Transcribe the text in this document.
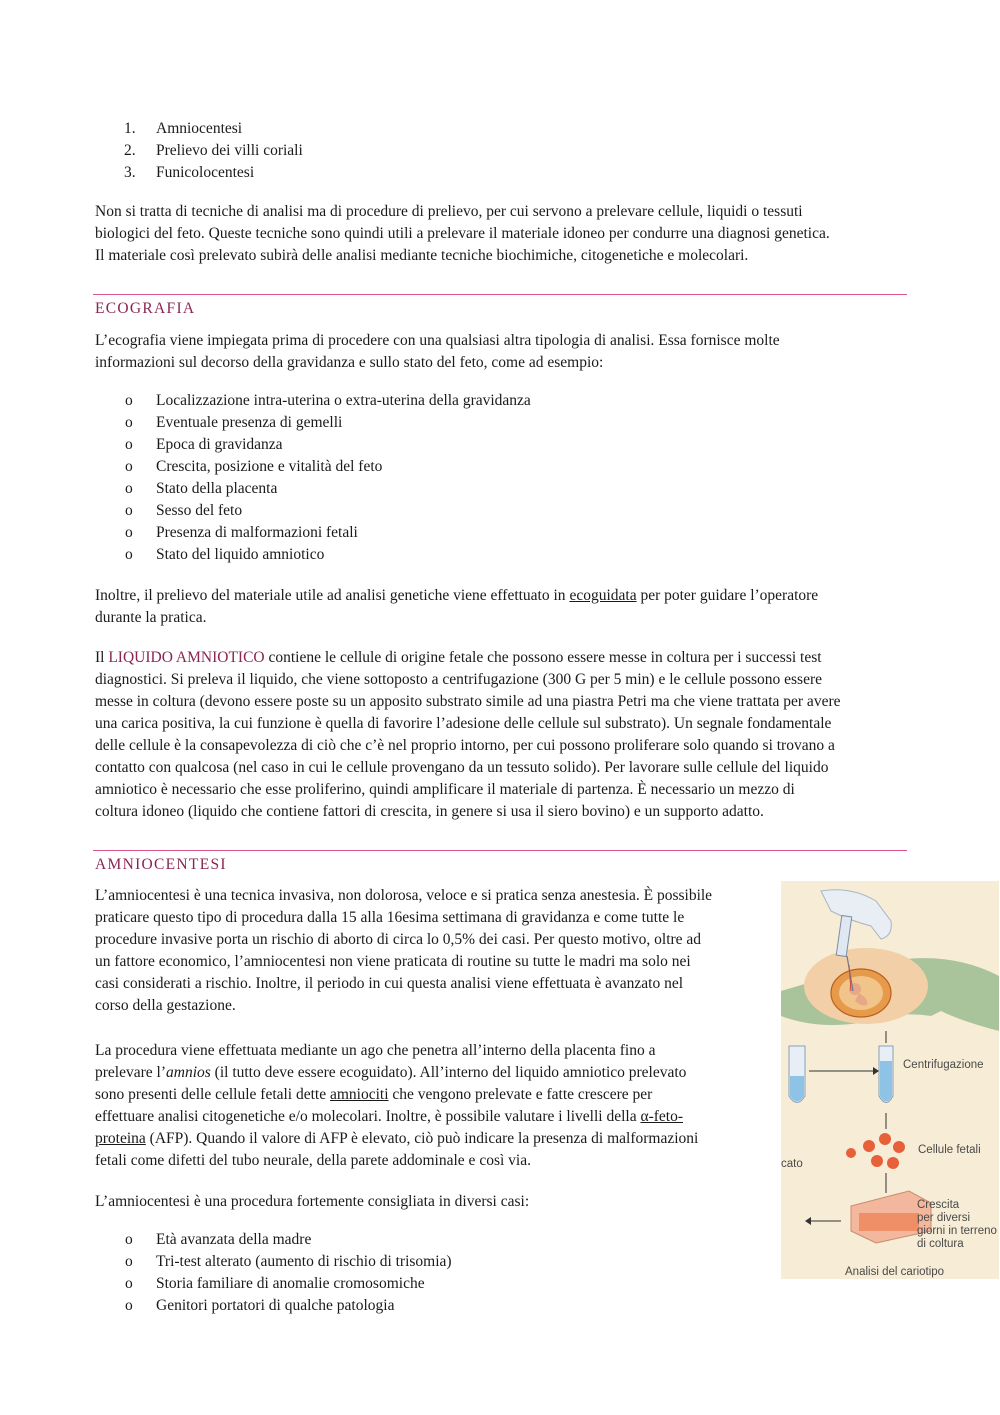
1. Amniocentesi
2. Prelievo dei villi coriali
3. Funicolocentesi

Non si tratta di tecniche di analisi ma di procedure di prelievo, per cui servono a prelevare cellule, liquidi o tessuti
biologici del feto. Queste tecniche sono quindi utili a prelevare il materiale idoneo per condurre una diagnosi genetica.
Il materiale così prelevato subirà delle analisi mediante tecniche biochimiche, citogenetiche e molecolari.

ECOGRAFIA

L’ecografia viene impiegata prima di procedere con una qualsiasi altra tipologia di analisi. Essa fornisce molte
informazioni sul decorso della gravidanza e sullo stato del feto, come ad esempio:

o Localizzazione intra-uterina o extra-uterina della gravidanza
o Eventuale presenza di gemelli
o Epoca di gravidanza
o Crescita, posizione e vitalità del feto
o Stato della placenta
o Sesso del feto
o Presenza di malformazioni fetali
o Stato del liquido amniotico

Inoltre, il prelievo del materiale utile ad analisi genetiche viene effettuato in ecoguidata per poter guidare l’operatore
durante la pratica.

Il LIQUIDO AMNIOTICO contiene le cellule di origine fetale che possono essere messe in coltura per i successi test
diagnostici. Si preleva il liquido, che viene sottoposto a centrifugazione (300 G per 5 min) e le cellule possono essere
messe in coltura (devono essere poste su un apposito substrato simile ad una piastra Petri ma che viene trattata per avere
una carica positiva, la cui funzione è quella di favorire l’adesione delle cellule sul substrato). Un segnale fondamentale
delle cellule è la consapevolezza di ciò che c’è nel proprio intorno, per cui possono proliferare solo quando si trovano a
contatto con qualcosa (nel caso in cui le cellule provengano da un tessuto solido). Per lavorare sulle cellule del liquido
amniotico è necessario che esse proliferino, quindi amplificare il materiale di partenza. È necessario un mezzo di
coltura idoneo (liquido che contiene fattori di crescita, in genere si usa il siero bovino) e un supporto adatto.

AMNIOCENTESI

L’amniocentesi è una tecnica invasiva, non dolorosa, veloce e si pratica senza anestesia. È possibile
praticare questo tipo di procedura dalla 15 alla 16esima settimana di gravidanza e come tutte le
procedure invasive porta un rischio di aborto di circa lo 0,5% dei casi. Per questo motivo, oltre ad
un fattore economico, l’amniocentesi non viene praticata di routine su tutte le madri ma solo nei
casi considerati a rischio. Inoltre, il periodo in cui questa analisi viene effettuata è avanzato nel
corso della gestazione.

La procedura viene effettuata mediante un ago che penetra all’interno della placenta fino a
prelevare l’amnios (il tutto deve essere ecoguidato). All’interno del liquido amniotico prelevato
sono presenti delle cellule fetali dette amniociti che vengono prelevate e fatte crescere per
effettuare analisi citogenetiche e/o molecolari. Inoltre, è possibile valutare i livelli della α-feto-
proteina (AFP). Quando il valore di AFP è elevato, ciò può indicare la presenza di malformazioni
fetali come difetti del tubo neurale, della parete addominale e così via.

L’amniocentesi è una procedura fortemente consigliata in diversi casi:

o Età avanzata della madre
o Tri-test alterato (aumento di rischio di trisomia)
o Storia familiare di anomalie cromosomiche
o Genitori portatori di qualche patologia
Centrifugazione
Cellule fetali
cato
Crescita
per diversi
giorni in terreno
di coltura
Analisi del cariotipo
